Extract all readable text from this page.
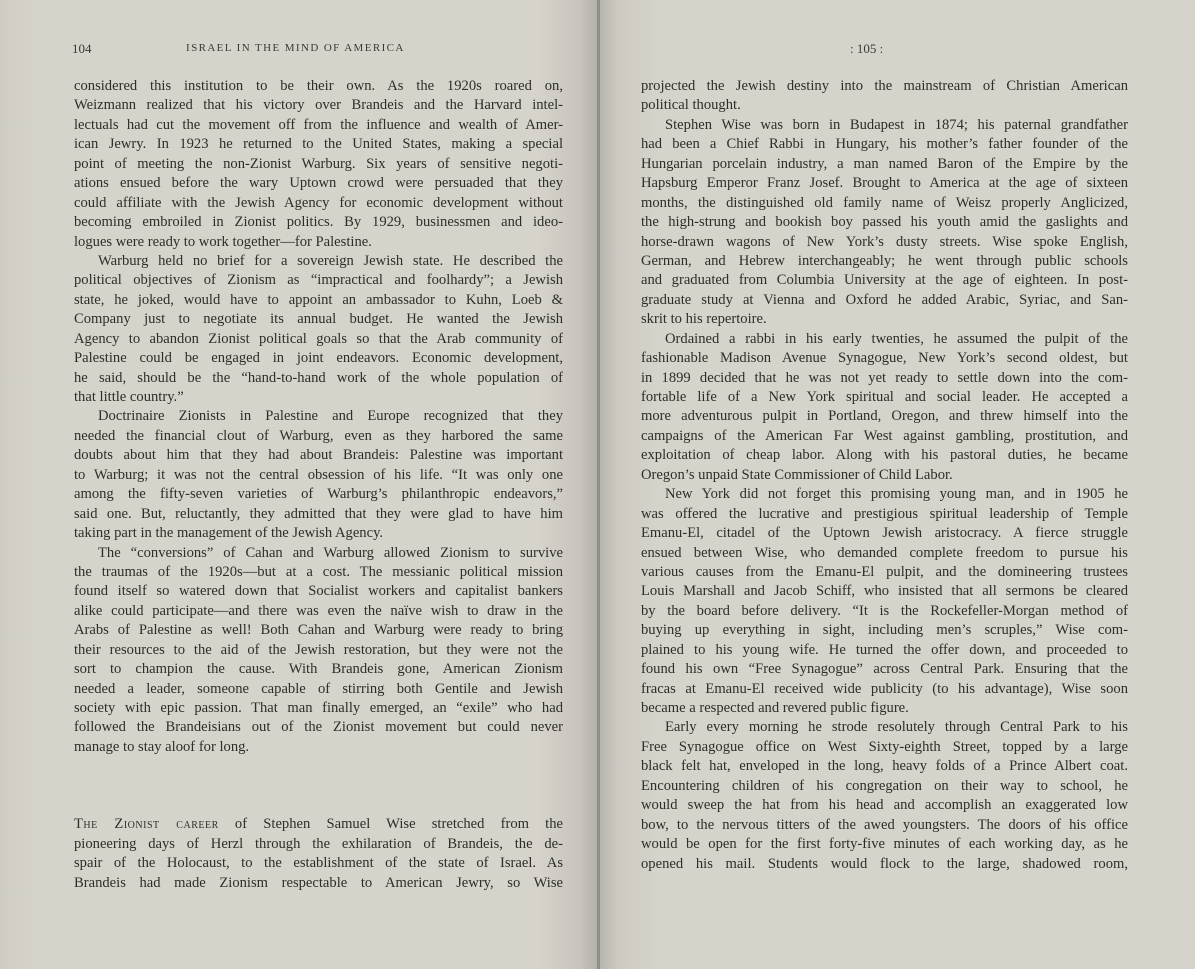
104	ISRAEL IN THE MIND OF AMERICA
considered this institution to be their own. As the 1920s roared on,
Weizmann realized that his victory over Brandeis and the Harvard intel-
lectuals had cut the movement off from the influence and wealth of Amer-
ican Jewry. In 1923 he returned to the United States, making a special
point of meeting the non-Zionist Warburg. Six years of sensitive negoti-
ations ensued before the wary Uptown crowd were persuaded that they
could affiliate with the Jewish Agency for economic development without
becoming embroiled in Zionist politics. By 1929, businessmen and ideo-
logues were ready to work together—for Palestine.
Warburg held no brief for a sovereign Jewish state. He described the
political objectives of Zionism as “impractical and foolhardy”; a Jewish
state, he joked, would have to appoint an ambassador to Kuhn, Loeb &
Company just to negotiate its annual budget. He wanted the Jewish
Agency to abandon Zionist political goals so that the Arab community of
Palestine could be engaged in joint endeavors. Economic development,
he said, should be the “hand-to-hand work of the whole population of
that little country.”
Doctrinaire Zionists in Palestine and Europe recognized that they
needed the financial clout of Warburg, even as they harbored the same
doubts about him that they had about Brandeis: Palestine was important
to Warburg; it was not the central obsession of his life. “It was only one
among the fifty-seven varieties of Warburg’s philanthropic endeavors,”
said one. But, reluctantly, they admitted that they were glad to have him
taking part in the management of the Jewish Agency.
The “conversions” of Cahan and Warburg allowed Zionism to survive
the traumas of the 1920s—but at a cost. The messianic political mission
found itself so watered down that Socialist workers and capitalist bankers
alike could participate—and there was even the naïve wish to draw in the
Arabs of Palestine as well! Both Cahan and Warburg were ready to bring
their resources to the aid of the Jewish restoration, but they were not the
sort to champion the cause. With Brandeis gone, American Zionism
needed a leader, someone capable of stirring both Gentile and Jewish
society with epic passion. That man finally emerged, an “exile” who had
followed the Brandeisians out of the Zionist movement but could never
manage to stay aloof for long.
The Zionist career of Stephen Samuel Wise stretched from the
pioneering days of Herzl through the exhilaration of Brandeis, the de-
spair of the Holocaust, to the establishment of the state of Israel. As
Brandeis had made Zionism respectable to American Jewry, so Wise
: 105 :
projected the Jewish destiny into the mainstream of Christian American
political thought.
Stephen Wise was born in Budapest in 1874; his paternal grandfather
had been a Chief Rabbi in Hungary, his mother’s father founder of the
Hungarian porcelain industry, a man named Baron of the Empire by the
Hapsburg Emperor Franz Josef. Brought to America at the age of sixteen
months, the distinguished old family name of Weisz properly Anglicized,
the high-strung and bookish boy passed his youth amid the gaslights and
horse-drawn wagons of New York’s dusty streets. Wise spoke English,
German, and Hebrew interchangeably; he went through public schools
and graduated from Columbia University at the age of eighteen. In post-
graduate study at Vienna and Oxford he added Arabic, Syriac, and San-
skrit to his repertoire.
Ordained a rabbi in his early twenties, he assumed the pulpit of the
fashionable Madison Avenue Synagogue, New York’s second oldest, but
in 1899 decided that he was not yet ready to settle down into the com-
fortable life of a New York spiritual and social leader. He accepted a
more adventurous pulpit in Portland, Oregon, and threw himself into the
campaigns of the American Far West against gambling, prostitution, and
exploitation of cheap labor. Along with his pastoral duties, he became
Oregon’s unpaid State Commissioner of Child Labor.
New York did not forget this promising young man, and in 1905 he
was offered the lucrative and prestigious spiritual leadership of Temple
Emanu-El, citadel of the Uptown Jewish aristocracy. A fierce struggle
ensued between Wise, who demanded complete freedom to pursue his
various causes from the Emanu-El pulpit, and the domineering trustees
Louis Marshall and Jacob Schiff, who insisted that all sermons be cleared
by the board before delivery. “It is the Rockefeller-Morgan method of
buying up everything in sight, including men’s scruples,” Wise com-
plained to his young wife. He turned the offer down, and proceeded to
found his own “Free Synagogue” across Central Park. Ensuring that the
fracas at Emanu-El received wide publicity (to his advantage), Wise soon
became a respected and revered public figure.
Early every morning he strode resolutely through Central Park to his
Free Synagogue office on West Sixty-eighth Street, topped by a large
black felt hat, enveloped in the long, heavy folds of a Prince Albert coat.
Encountering children of his congregation on their way to school, he
would sweep the hat from his head and accomplish an exaggerated low
bow, to the nervous titters of the awed youngsters. The doors of his office
would be open for the first forty-five minutes of each working day, as he
opened his mail. Students would flock to the large, shadowed room,
